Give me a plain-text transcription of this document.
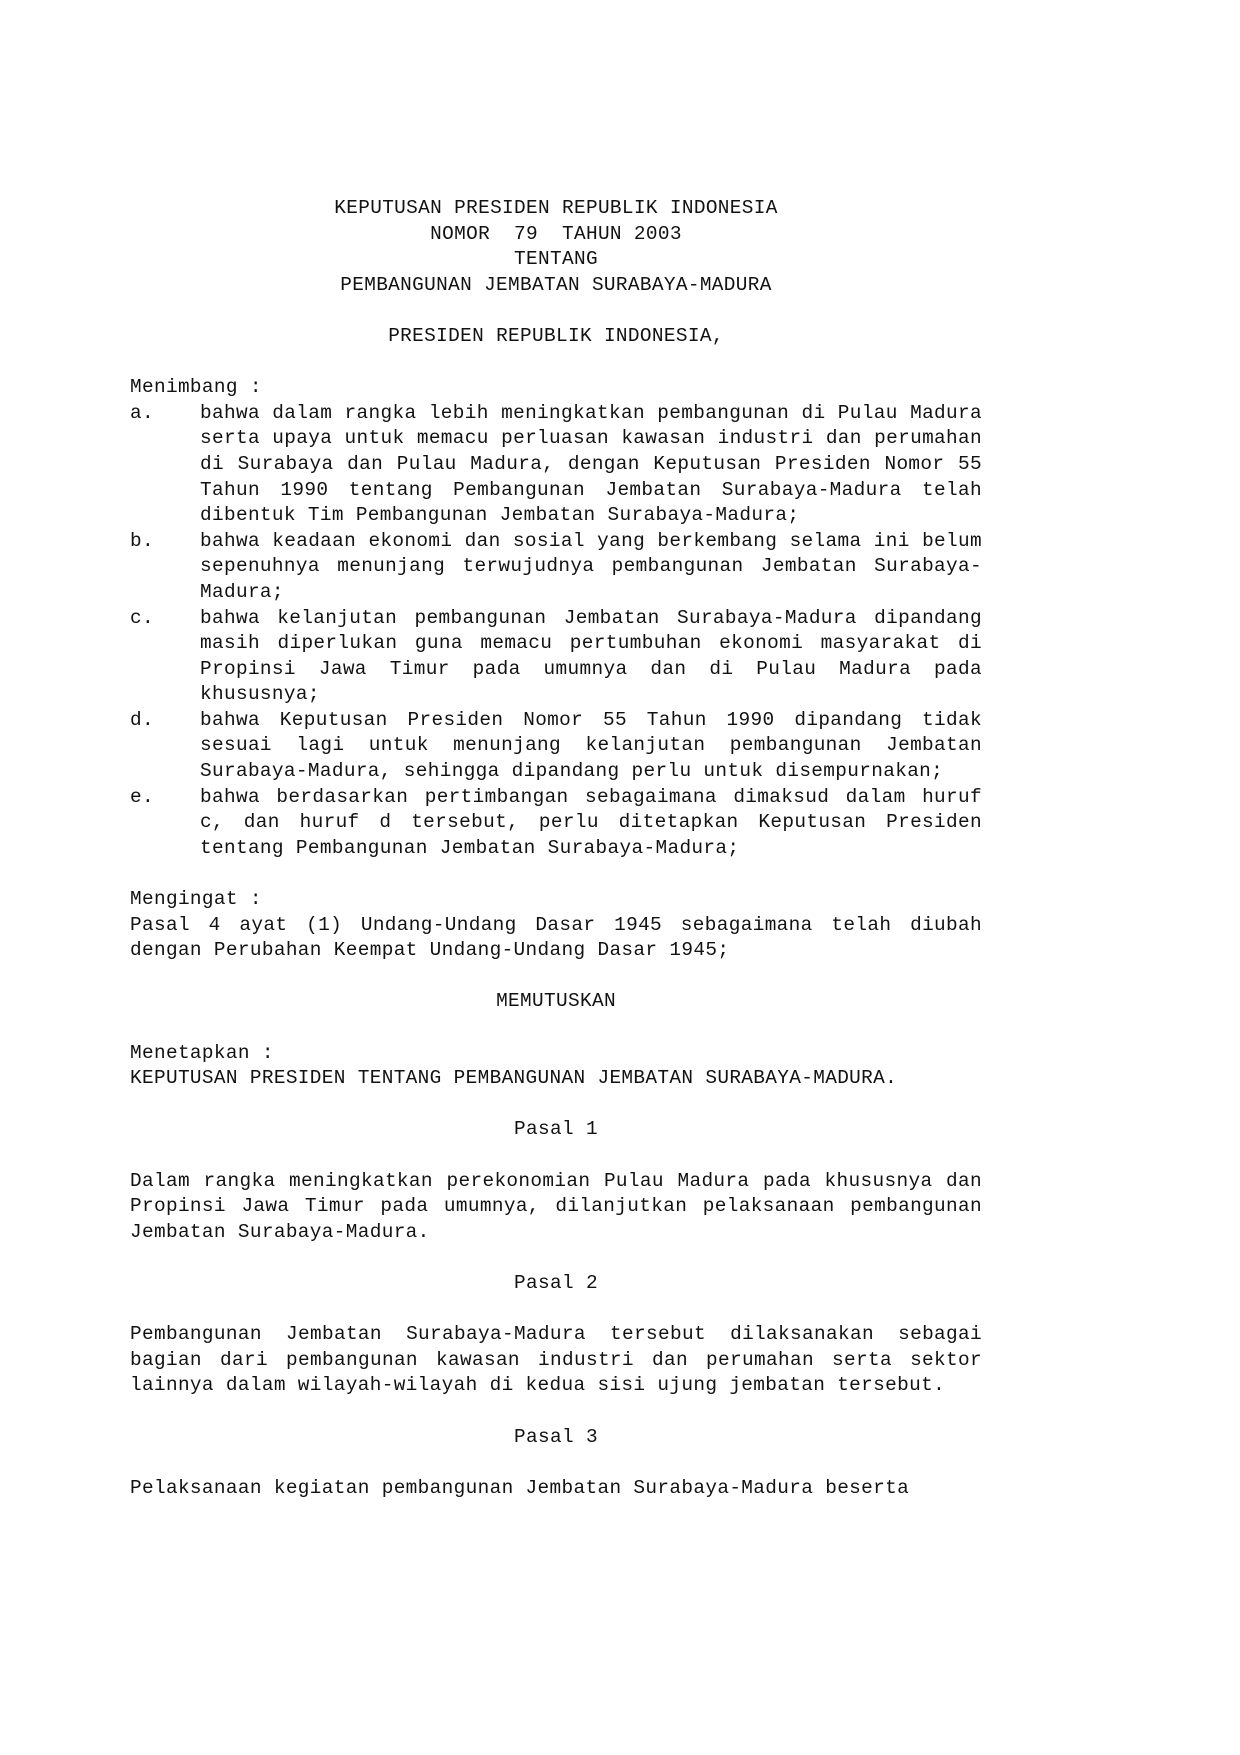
KEPUTUSAN PRESIDEN REPUBLIK INDONESIA
NOMOR  79  TAHUN 2003
TENTANG
PEMBANGUNAN JEMBATAN SURABAYA-MADURA
PRESIDEN REPUBLIK INDONESIA,
Menimbang :
a.	bahwa dalam rangka lebih meningkatkan pembangunan di Pulau Madura serta upaya untuk memacu perluasan kawasan industri dan perumahan di Surabaya dan Pulau Madura, dengan Keputusan Presiden Nomor 55 Tahun 1990 tentang Pembangunan Jembatan Surabaya-Madura telah dibentuk Tim Pembangunan Jembatan Surabaya-Madura;
b.	bahwa keadaan ekonomi dan sosial yang berkembang selama ini belum sepenuhnya menunjang terwujudnya pembangunan Jembatan Surabaya-Madura;
c.	bahwa kelanjutan pembangunan Jembatan Surabaya-Madura dipandang masih diperlukan guna memacu pertumbuhan ekonomi masyarakat di Propinsi Jawa Timur pada umumnya dan di Pulau Madura pada khususnya;
d.	bahwa Keputusan Presiden Nomor 55 Tahun 1990 dipandang tidak sesuai lagi untuk menunjang kelanjutan pembangunan Jembatan Surabaya-Madura, sehingga dipandang perlu untuk disempurnakan;
e.	bahwa berdasarkan pertimbangan sebagaimana dimaksud dalam huruf c, dan huruf d tersebut, perlu ditetapkan Keputusan Presiden tentang Pembangunan Jembatan Surabaya-Madura;
Mengingat :
Pasal 4 ayat (1) Undang-Undang Dasar 1945 sebagaimana telah diubah dengan Perubahan Keempat Undang-Undang Dasar 1945;
MEMUTUSKAN
Menetapkan :
KEPUTUSAN PRESIDEN TENTANG PEMBANGUNAN JEMBATAN SURABAYA-MADURA.
Pasal 1
Dalam rangka meningkatkan perekonomian Pulau Madura pada khususnya dan Propinsi Jawa Timur pada umumnya, dilanjutkan pelaksanaan pembangunan Jembatan Surabaya-Madura.
Pasal 2
Pembangunan Jembatan Surabaya-Madura tersebut dilaksanakan sebagai bagian dari pembangunan kawasan industri dan perumahan serta sektor lainnya dalam wilayah-wilayah di kedua sisi ujung jembatan tersebut.
Pasal 3
Pelaksanaan kegiatan pembangunan Jembatan Surabaya-Madura beserta
